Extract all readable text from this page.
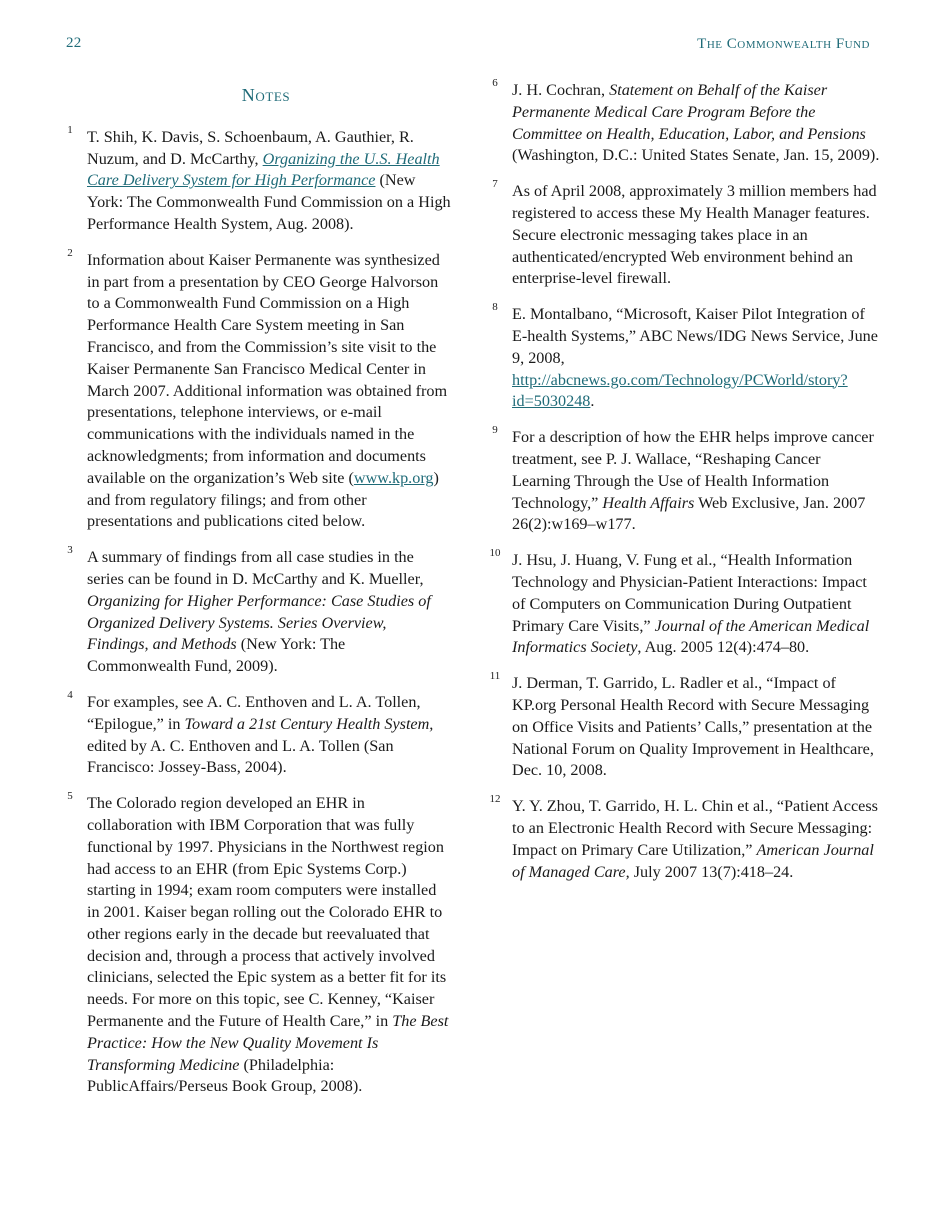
22	The Commonwealth Fund
Notes
1 T. Shih, K. Davis, S. Schoenbaum, A. Gauthier, R. Nuzum, and D. McCarthy, Organizing the U.S. Health Care Delivery System for High Performance (New York: The Commonwealth Fund Commission on a High Performance Health System, Aug. 2008).
2 Information about Kaiser Permanente was synthesized in part from a presentation by CEO George Halvorson to a Commonwealth Fund Commission on a High Performance Health Care System meeting in San Francisco, and from the Commission’s site visit to the Kaiser Permanente San Francisco Medical Center in March 2007. Additional information was obtained from presentations, telephone interviews, or e-mail communications with the individuals named in the acknowledgments; from information and documents available on the organization’s Web site (www.kp.org) and from regulatory filings; and from other presentations and publications cited below.
3 A summary of findings from all case studies in the series can be found in D. McCarthy and K. Mueller, Organizing for Higher Performance: Case Studies of Organized Delivery Systems. Series Overview, Findings, and Methods (New York: The Commonwealth Fund, 2009).
4 For examples, see A. C. Enthoven and L. A. Tollen, “Epilogue,” in Toward a 21st Century Health System, edited by A. C. Enthoven and L. A. Tollen (San Francisco: Jossey-Bass, 2004).
5 The Colorado region developed an EHR in collaboration with IBM Corporation that was fully functional by 1997. Physicians in the Northwest region had access to an EHR (from Epic Systems Corp.) starting in 1994; exam room computers were installed in 2001. Kaiser began rolling out the Colorado EHR to other regions early in the decade but reevaluated that decision and, through a process that actively involved clinicians, selected the Epic system as a better fit for its needs. For more on this topic, see C. Kenney, “Kaiser Permanente and the Future of Health Care,” in The Best Practice: How the New Quality Movement Is Transforming Medicine (Philadelphia: PublicAffairs/Perseus Book Group, 2008).
6 J. H. Cochran, Statement on Behalf of the Kaiser Permanente Medical Care Program Before the Committee on Health, Education, Labor, and Pensions (Washington, D.C.: United States Senate, Jan. 15, 2009).
7 As of April 2008, approximately 3 million members had registered to access these My Health Manager features. Secure electronic messaging takes place in an authenticated/encrypted Web environment behind an enterprise-level firewall.
8 E. Montalbano, “Microsoft, Kaiser Pilot Integration of E-health Systems,” ABC News/IDG News Service, June 9, 2008, http://abcnews.go.com/Technology/PCWorld/story?id=5030248.
9 For a description of how the EHR helps improve cancer treatment, see P. J. Wallace, “Reshaping Cancer Learning Through the Use of Health Information Technology,” Health Affairs Web Exclusive, Jan. 2007 26(2):w169–w177.
10 J. Hsu, J. Huang, V. Fung et al., “Health Information Technology and Physician-Patient Interactions: Impact of Computers on Communication During Outpatient Primary Care Visits,” Journal of the American Medical Informatics Society, Aug. 2005 12(4):474–80.
11 J. Derman, T. Garrido, L. Radler et al., “Impact of KP.org Personal Health Record with Secure Messaging on Office Visits and Patients’ Calls,” presentation at the National Forum on Quality Improvement in Healthcare, Dec. 10, 2008.
12 Y. Y. Zhou, T. Garrido, H. L. Chin et al., “Patient Access to an Electronic Health Record with Secure Messaging: Impact on Primary Care Utilization,” American Journal of Managed Care, July 2007 13(7):418–24.
